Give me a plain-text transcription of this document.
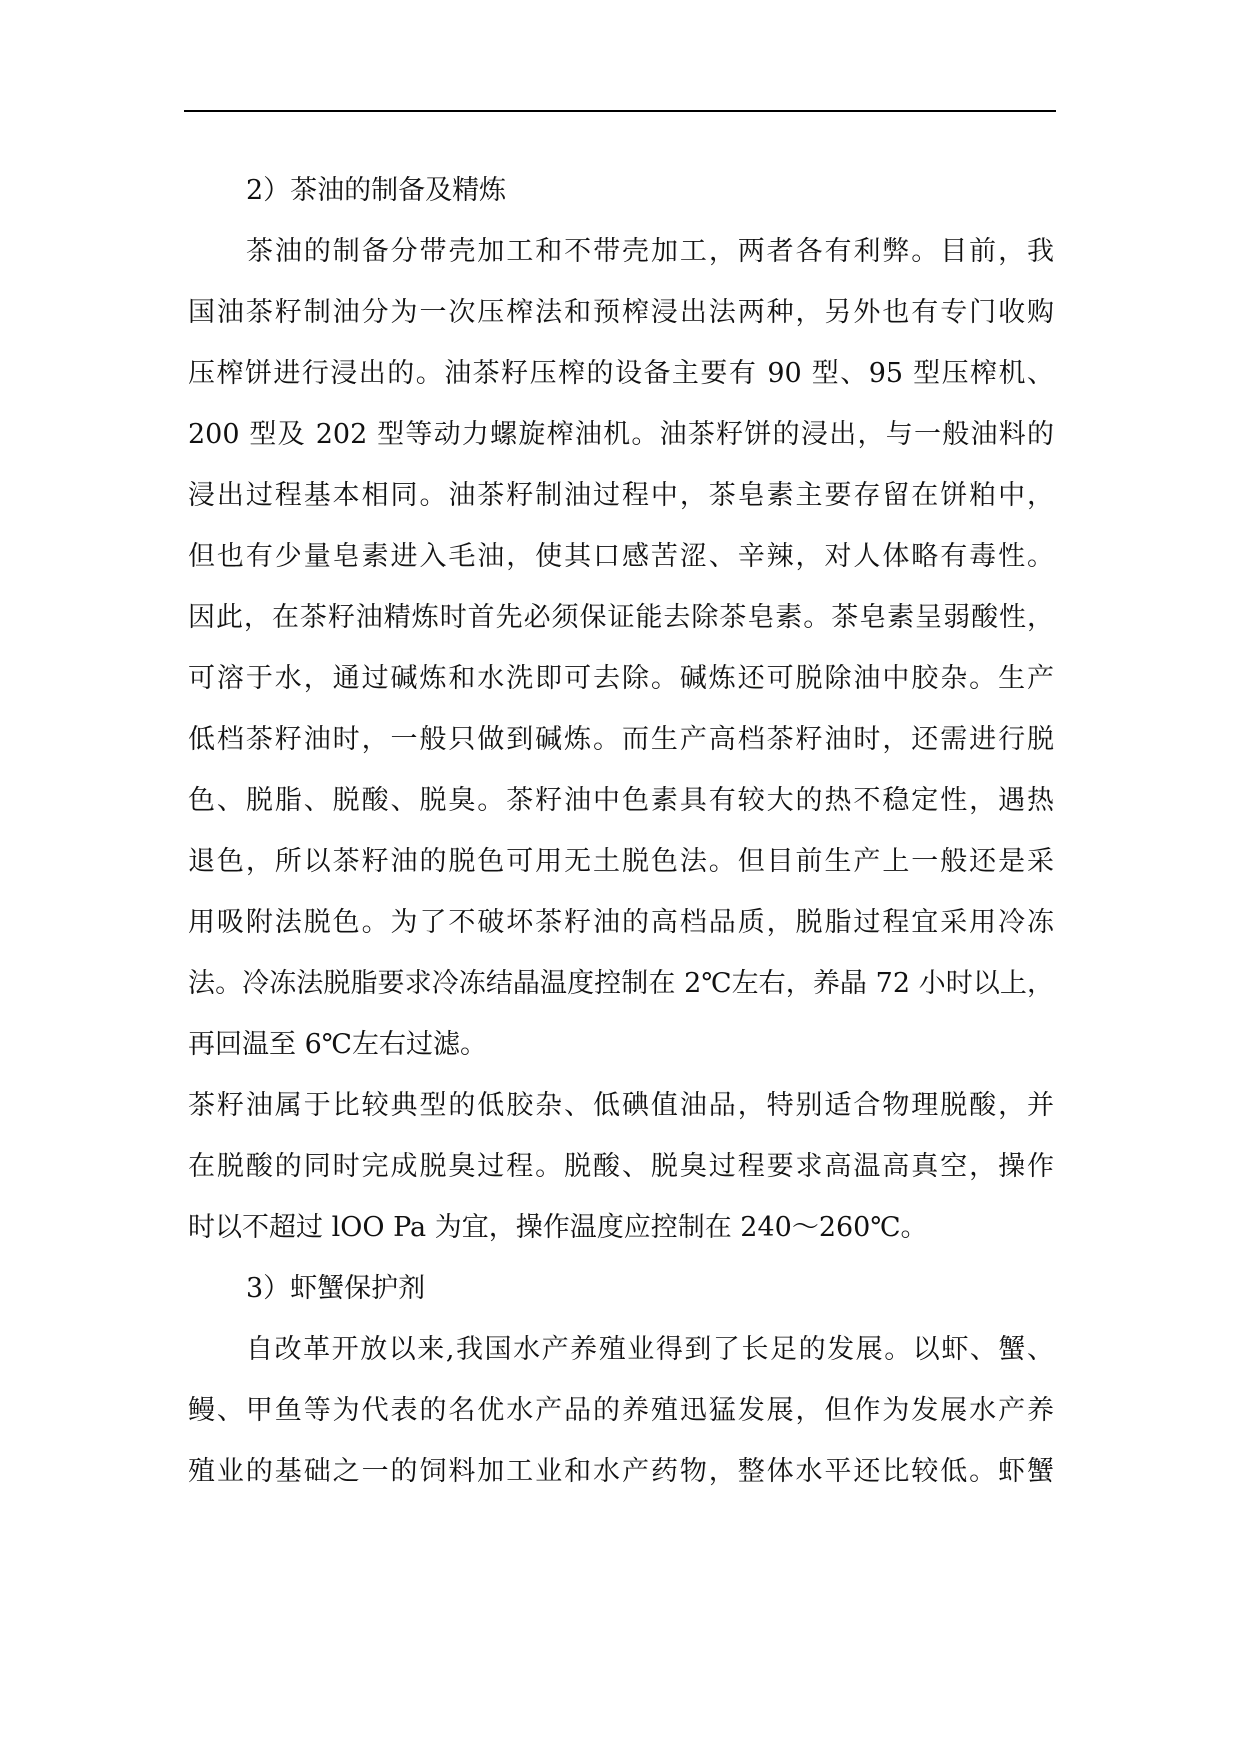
2）茶油的制备及精炼
茶油的制备分带壳加工和不带壳加工，两者各有利弊。目前，我
国油茶籽制油分为一次压榨法和预榨浸出法两种，另外也有专门收购
压榨饼进行浸出的。油茶籽压榨的设备主要有 90 型、95 型压榨机、
200 型及 202 型等动力螺旋榨油机。油茶籽饼的浸出，与一般油料的
浸出过程基本相同。油茶籽制油过程中，茶皂素主要存留在饼粕中，
但也有少量皂素进入毛油，使其口感苦涩、辛辣，对人体略有毒性。
因此，在茶籽油精炼时首先必须保证能去除茶皂素。茶皂素呈弱酸性，
可溶于水，通过碱炼和水洗即可去除。碱炼还可脱除油中胶杂。生产
低档茶籽油时，一般只做到碱炼。而生产高档茶籽油时，还需进行脱
色、脱脂、脱酸、脱臭。茶籽油中色素具有较大的热不稳定性，遇热
退色，所以茶籽油的脱色可用无土脱色法。但目前生产上一般还是采
用吸附法脱色。为了不破坏茶籽油的高档品质，脱脂过程宜采用冷冻
法。冷冻法脱脂要求冷冻结晶温度控制在 2℃左右，养晶 72 小时以上，
再回温至 6℃左右过滤。
茶籽油属于比较典型的低胶杂、低碘值油品，特别适合物理脱酸，并
在脱酸的同时完成脱臭过程。脱酸、脱臭过程要求高温高真空，操作
时以不超过 lOO Pa 为宜，操作温度应控制在 240～260℃。
3）虾蟹保护剂
自改革开放以来,我国水产养殖业得到了长足的发展。以虾、蟹、
鳗、甲鱼等为代表的名优水产品的养殖迅猛发展，但作为发展水产养
殖业的基础之一的饲料加工业和水产药物，整体水平还比较低。虾蟹
